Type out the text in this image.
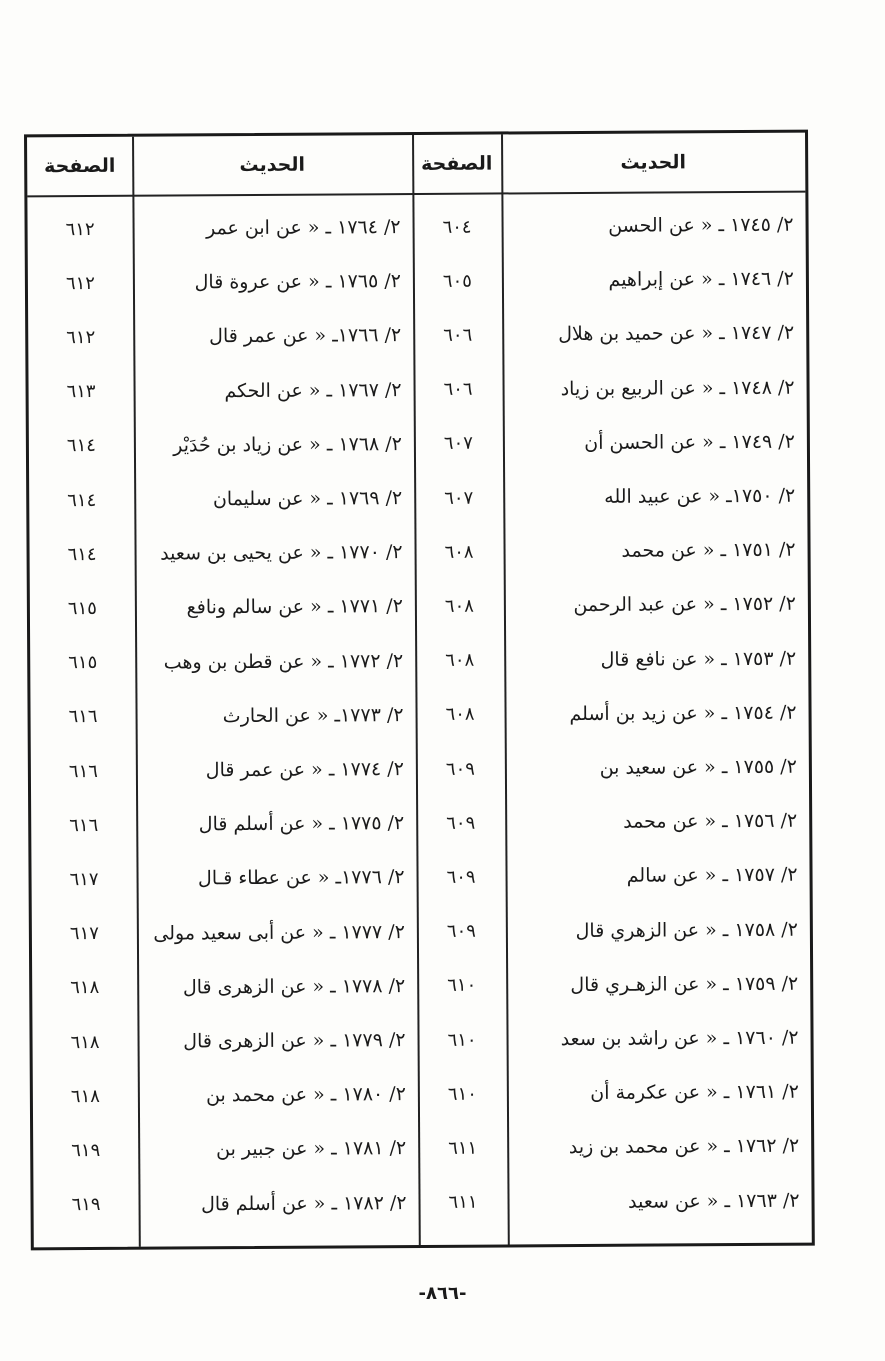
الحديث
الصفحة
الحديث
الصفحة
٢/ ١٧٤٥ ـ « عن الحسن
٦٠٤
٢/ ١٧٦٤ ـ « عن ابن عمر
٦١٢
٢/ ١٧٤٦ ـ « عن إبراهيم
٦٠٥
٢/ ١٧٦٥ ـ « عن عروة قال
٦١٢
٢/ ١٧٤٧ ـ « عن حميد بن هلال
٦٠٦
٢/ ١٧٦٦ـ « عن عمر قال
٦١٢
٢/ ١٧٤٨ ـ « عن الربيع بن زياد
٦٠٦
٢/ ١٧٦٧ ـ « عن الحكم
٦١٣
٢/ ١٧٤٩ ـ « عن الحسن أن
٦٠٧
٢/ ١٧٦٨ ـ « عن زياد بن حُدَيْر
٦١٤
٢/ ١٧٥٠ـ « عن عبيد الله
٦٠٧
٢/ ١٧٦٩ ـ « عن سليمان
٦١٤
٢/ ١٧٥١ ـ « عن محمد
٦٠٨
٢/ ١٧٧٠ ـ « عن يحيى بن سعيد
٦١٤
٢/ ١٧٥٢ ـ « عن عبد الرحمن
٦٠٨
٢/ ١٧٧١ ـ « عن سالم ونافع
٦١٥
٢/ ١٧٥٣ ـ « عن نافع قال
٦٠٨
٢/ ١٧٧٢ ـ « عن قطن بن وهب
٦١٥
٢/ ١٧٥٤ ـ « عن زيد بن أسلم
٦٠٨
٢/ ١٧٧٣ـ « عن الحارث
٦١٦
٢/ ١٧٥٥ ـ « عن سعيد بن
٦٠٩
٢/ ١٧٧٤ ـ « عن عمر قال
٦١٦
٢/ ١٧٥٦ ـ « عن محمد
٦٠٩
٢/ ١٧٧٥ ـ « عن أسلم قال
٦١٦
٢/ ١٧٥٧ ـ « عن سالم
٦٠٩
٢/ ١٧٧٦ـ « عن عطاء قـال
٦١٧
٢/ ١٧٥٨ ـ « عن الزهري قال
٦٠٩
٢/ ١٧٧٧ ـ « عن أبى سعيد مولى
٦١٧
٢/ ١٧٥٩ ـ « عن الزهـري قال
٦١٠
٢/ ١٧٧٨ ـ « عن الزهرى قال
٦١٨
٢/ ١٧٦٠ ـ « عن راشد بن سعد
٦١٠
٢/ ١٧٧٩ ـ « عن الزهرى قال
٦١٨
٢/ ١٧٦١ ـ « عن عكرمة أن
٦١٠
٢/ ١٧٨٠ ـ « عن محمد بن
٦١٨
٢/ ١٧٦٢ ـ « عن محمد بن زيد
٦١١
٢/ ١٧٨١ ـ « عن جبير بن
٦١٩
٢/ ١٧٦٣ ـ « عن سعيد
٦١١
٢/ ١٧٨٢ ـ « عن أسلم قال
٦١٩
-٨٦٦-
